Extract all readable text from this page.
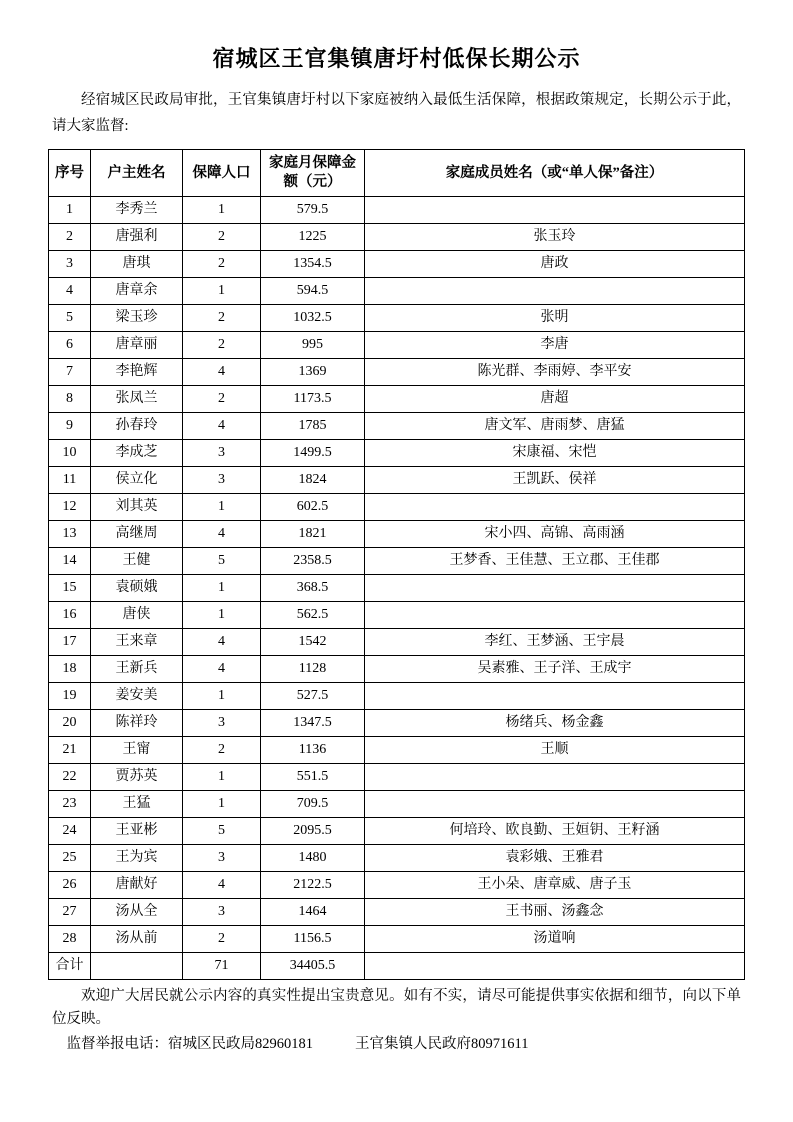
宿城区王官集镇唐圩村低保长期公示

经宿城区民政局审批，王官集镇唐圩村以下家庭被纳入最低生活保障，根据政策规定，长期公示于此，请大家监督:

序号	户主姓名	保障人口	家庭月保障金额（元）	家庭成员姓名（或“单人保”备注）
1	李秀兰	1	579.5	
2	唐强利	2	1225	张玉玲
3	唐琪	2	1354.5	唐政
4	唐章余	1	594.5	
5	梁玉珍	2	1032.5	张明
6	唐章丽	2	995	李唐
7	李艳辉	4	1369	陈光群、李雨婷、李平安
8	张凤兰	2	1173.5	唐超
9	孙春玲	4	1785	唐文军、唐雨梦、唐猛
10	李成芝	3	1499.5	宋康福、宋恺
11	侯立化	3	1824	王凯跃、侯祥
12	刘其英	1	602.5	
13	高继周	4	1821	宋小四、高锦、高雨涵
14	王健	5	2358.5	王梦香、王佳慧、王立郡、王佳郡
15	袁硕娥	1	368.5	
16	唐侠	1	562.5	
17	王来章	4	1542	李红、王梦涵、王宇晨
18	王新兵	4	1128	吴素雅、王子洋、王成宇
19	姜安美	1	527.5	
20	陈祥玲	3	1347.5	杨绪兵、杨金鑫
21	王甯	2	1136	王顺
22	贾苏英	1	551.5	
23	王猛	1	709.5	
24	王亚彬	5	2095.5	何培玲、欧良勤、王姮钥、王籽涵
25	王为宾	3	1480	袁彩娥、王雅君
26	唐献好	4	2122.5	王小朵、唐章威、唐子玉
27	汤从全	3	1464	王书丽、汤鑫念
28	汤从前	2	1156.5	汤道响
合计		71	34405.5	

欢迎广大居民就公示内容的真实性提出宝贵意见。如有不实，请尽可能提供事实依据和细节，向以下单位反映。

监督举报电话：宿城区民政局82960181	王官集镇人民政府80971611
